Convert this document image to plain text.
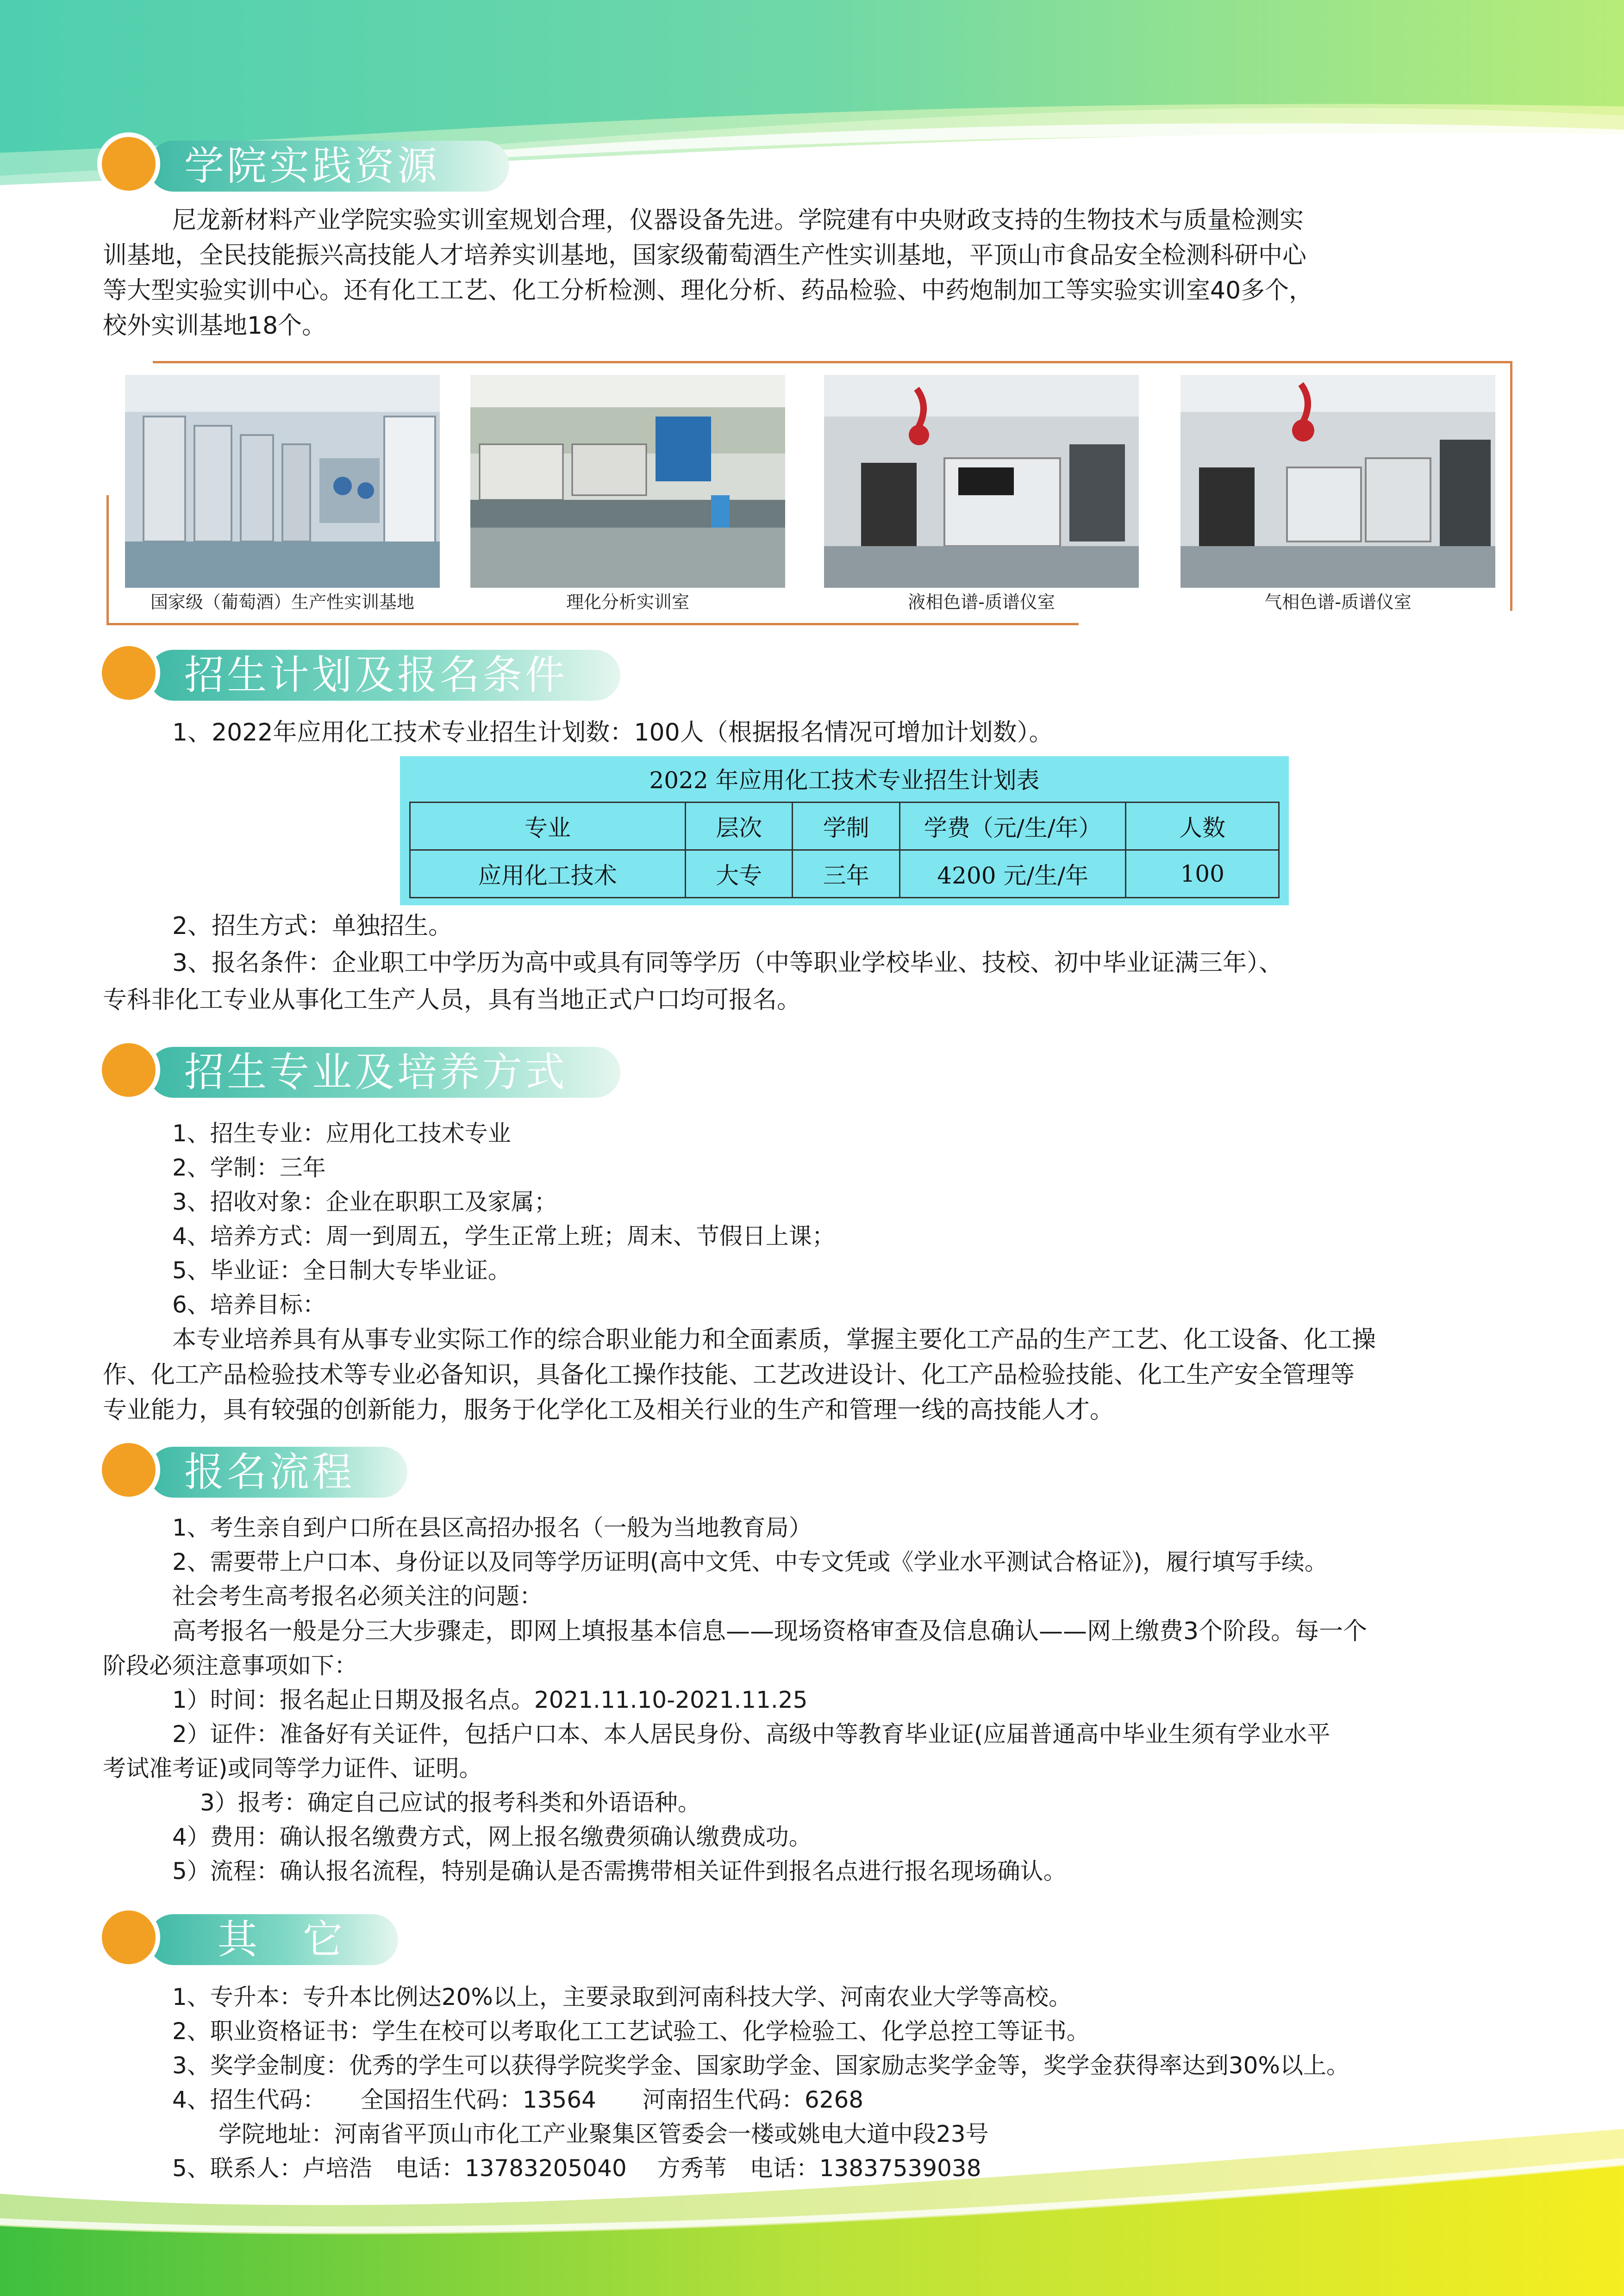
学院实践资源
尼龙新材料产业学院实验实训室规划合理，仪器设备先进。学院建有中央财政支持的生物技术与质量检测实
训基地，全民技能振兴高技能人才培养实训基地，国家级葡萄酒生产性实训基地，平顶山市食品安全检测科研中心
等大型实验实训中心。还有化工工艺、化工分析检测、理化分析、药品检验、中药炮制加工等实验实训室40多个，
校外实训基地18个。
国家级（葡萄酒）生产性实训基地	理化分析实训室	液相色谱-质谱仪室	气相色谱-质谱仪室
招生计划及报名条件
1、2022年应用化工技术专业招生计划数：100人（根据报名情况可增加计划数）。
2022 年应用化工技术专业招生计划表
专业	层次	学制	学费（元/生/年）	人数
应用化工技术	大专	三年	4200 元/生/年	100
2、招生方式：单独招生。
3、报名条件：企业职工中学历为高中或具有同等学历（中等职业学校毕业、技校、初中毕业证满三年）、
专科非化工专业从事化工生产人员，具有当地正式户口均可报名。
招生专业及培养方式
1、招生专业：应用化工技术专业
2、学制：三年
3、招收对象：企业在职职工及家属；
4、培养方式：周一到周五，学生正常上班；周末、节假日上课；
5、毕业证：全日制大专毕业证。
6、培养目标：
本专业培养具有从事专业实际工作的综合职业能力和全面素质，掌握主要化工产品的生产工艺、化工设备、化工操
作、化工产品检验技术等专业必备知识，具备化工操作技能、工艺改进设计、化工产品检验技能、化工生产安全管理等
专业能力，具有较强的创新能力，服务于化学化工及相关行业的生产和管理一线的高技能人才。
报名流程
1、考生亲自到户口所在县区高招办报名（一般为当地教育局）
2、需要带上户口本、身份证以及同等学历证明(高中文凭、中专文凭或《学业水平测试合格证》)，履行填写手续。
社会考生高考报名必须关注的问题：
高考报名一般是分三大步骤走，即网上填报基本信息——现场资格审查及信息确认——网上缴费3个阶段。每一个
阶段必须注意事项如下：
1）时间：报名起止日期及报名点。2021.11.10-2021.11.25
2）证件：准备好有关证件，包括户口本、本人居民身份、高级中等教育毕业证(应届普通高中毕业生须有学业水平
考试准考证)或同等学力证件、证明。
3）报考：确定自己应试的报考科类和外语语种。
4）费用：确认报名缴费方式，网上报名缴费须确认缴费成功。
5）流程：确认报名流程，特别是确认是否需携带相关证件到报名点进行报名现场确认。
其　它
1、专升本：专升本比例达20%以上，主要录取到河南科技大学、河南农业大学等高校。
2、职业资格证书：学生在校可以考取化工工艺试验工、化学检验工、化学总控工等证书。
3、奖学金制度：优秀的学生可以获得学院奖学金、国家助学金、国家励志奖学金等，奖学金获得率达到30%以上。
4、招生代码：　　全国招生代码：13564　　河南招生代码：6268
学院地址：河南省平顶山市化工产业聚集区管委会一楼或姚电大道中段23号
5、联系人：卢培浩　电话：13783205040　 方秀苇　电话：13837539038
